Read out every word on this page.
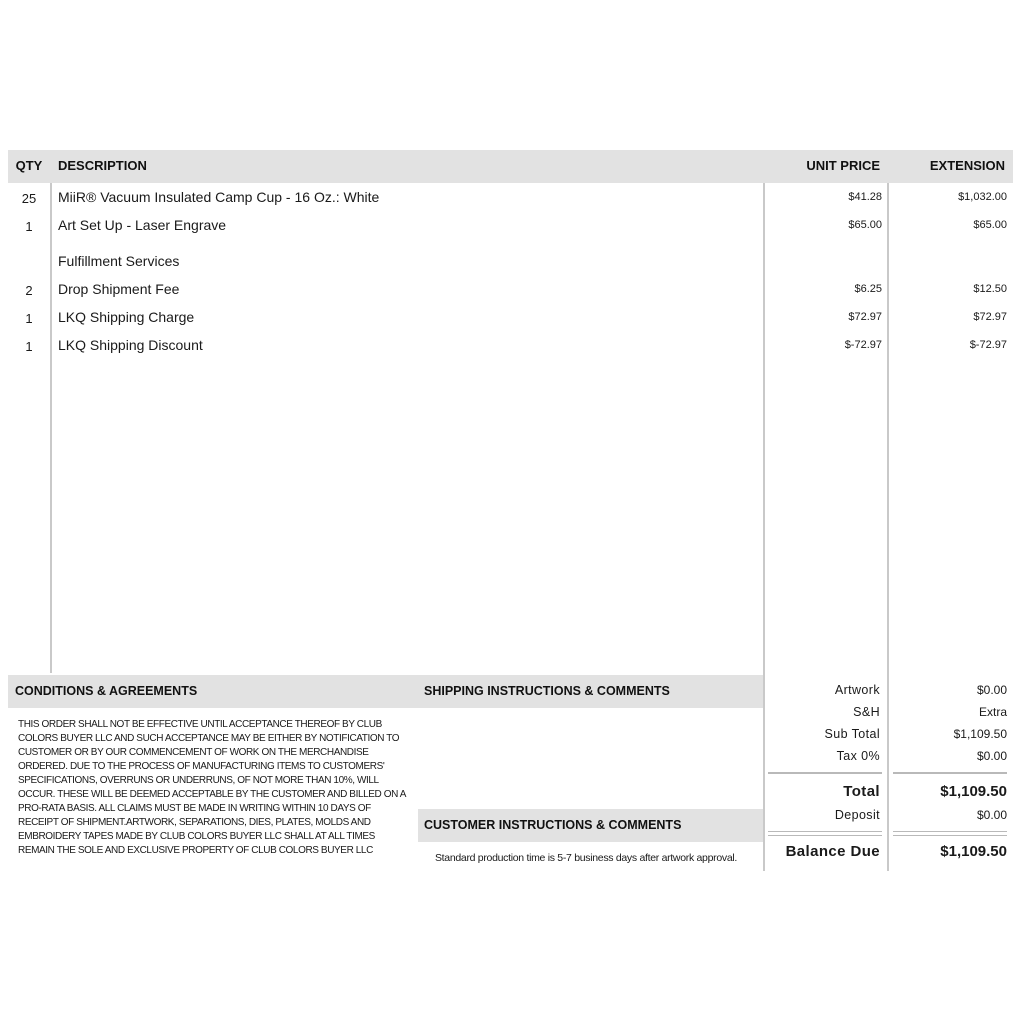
QTY	DESCRIPTION	UNIT PRICE	EXTENSION
25	MiiR® Vacuum Insulated Camp Cup - 16 Oz.: White	$41.28	$1,032.00
1	Art Set Up - Laser Engrave	$65.00	$65.00
Fulfillment Services
2	Drop Shipment Fee	$6.25	$12.50
1	LKQ Shipping Charge	$72.97	$72.97
1	LKQ Shipping Discount	$-72.97	$-72.97
CONDITIONS & AGREEMENTS	SHIPPING INSTRUCTIONS & COMMENTS
THIS ORDER SHALL NOT BE EFFECTIVE UNTIL ACCEPTANCE THEREOF BY CLUB COLORS BUYER LLC AND SUCH ACCEPTANCE MAY BE EITHER BY NOTIFICATION TO CUSTOMER OR BY OUR COMMENCEMENT OF WORK ON THE MERCHANDISE ORDERED. DUE TO THE PROCESS OF MANUFACTURING ITEMS TO CUSTOMERS' SPECIFICATIONS, OVERRUNS OR UNDERRUNS, OF NOT MORE THAN 10%, WILL OCCUR. THESE WILL BE DEEMED ACCEPTABLE BY THE CUSTOMER AND BILLED ON A PRO-RATA BASIS. ALL CLAIMS MUST BE MADE IN WRITING WITHIN 10 DAYS OF RECEIPT OF SHIPMENT.ARTWORK, SEPARATIONS, DIES, PLATES, MOLDS AND EMBROIDERY TAPES MADE BY CLUB COLORS BUYER LLC SHALL AT ALL TIMES REMAIN THE SOLE AND EXCLUSIVE PROPERTY OF CLUB COLORS BUYER LLC
CUSTOMER INSTRUCTIONS & COMMENTS
Standard production time is 5-7 business days after artwork approval.
Artwork	$0.00
S&H	Extra
Sub Total	$1,109.50
Tax 0%	$0.00
Total	$1,109.50
Deposit	$0.00
Balance Due	$1,109.50
